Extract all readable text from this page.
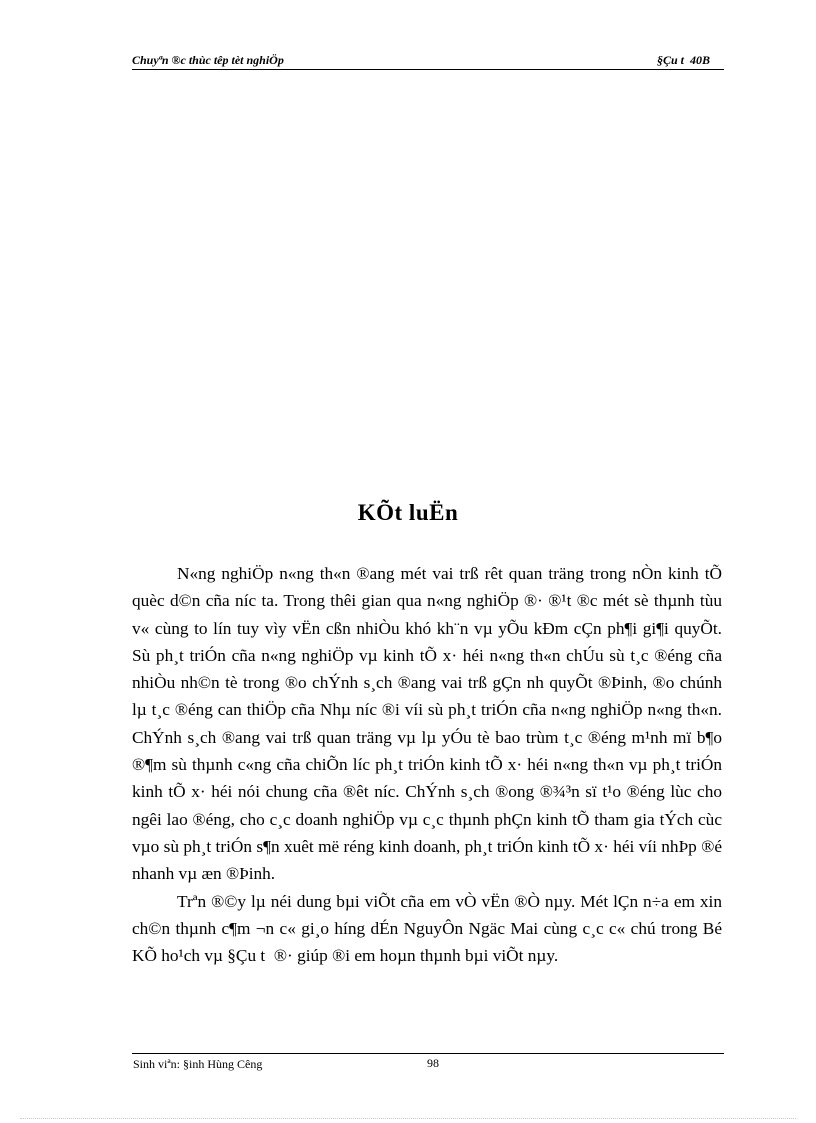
Chuyªn ®c thùc têp tèt nghiÖp	§Çu t  40B
KÕt luËn

N«ng nghiÖp n«ng th«n ®ang mét vai trß rêt quan träng trong nÒn kinh tÕ quèc d©n cña níc ta. Trong thêi gian qua n«ng nghiÖp ®· ®¹t ®c mét sè thµnh tùu v« cùng to lín tuy vìy vËn cßn nhiÒu khó kh¨n vµ yÕu kÐm cÇn ph¶i gi¶i quyÕt. Sù ph¸t triÓn cña n«ng nghiÖp vµ kinh tÕ x· héi n«ng th«n chÚu sù t¸c ®éng cña nhiÒu nh©n tè trong ®o chÝnh s¸ch ®ang vai trß gÇn nh quyÕt ®Þinh, ®o chúnh lµ t¸c ®éng can thiÖp cña Nhµ níc ®i víi sù ph¸t triÓn cña n«ng nghiÖp n«ng th«n. ChÝnh s¸ch ®ang vai trß quan träng vµ lµ yÓu tè bao trùm t¸c ®éng m¹nh mï b¶o ®¶m sù thµnh c«ng cña chiÕn líc ph¸t triÓn kinh tÕ x· héi n«ng th«n vµ ph¸t triÓn kinh tÕ x· héi nói chung cña ®êt níc. ChÝnh s¸ch ®ong ®¾³n sï t¹o ®éng lùc cho ngêi lao ®éng, cho c¸c doanh nghiÖp vµ c¸c thµnh phÇn kinh tÕ tham gia tÝch cùc vµo sù ph¸t triÓn s¶n xuêt më réng kinh doanh, ph¸t triÓn kinh tÕ x· héi víi nhÞp ®é nhanh vµ æn ®Þinh.

Trªn ®©y lµ néi dung bµi viÕt cña em vÒ vËn ®Ò nµy. Mét lÇn n÷a em xin ch©n thµnh c¶m ¬n c« gi¸o híng dÉn NguyÔn Ngäc Mai cùng c¸c c« chú trong Bé KÕ ho¹ch vµ §Çu t  ®· giúp ®i em hoµn thµnh bµi viÕt nµy.

Sinh viªn: §inh Hùng Cêng	98
